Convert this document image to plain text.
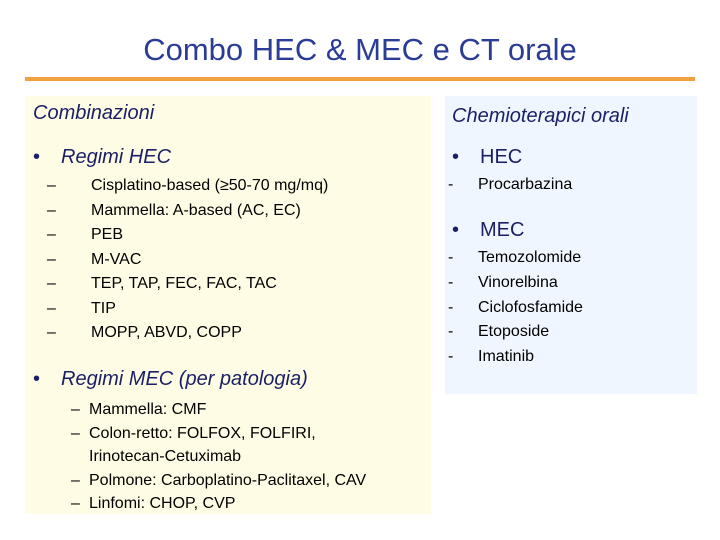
Combo HEC & MEC e CT orale
Combinazioni
• Regimi HEC
– Cisplatino-based (≥50-70 mg/mq)
– Mammella: A-based (AC, EC)
– PEB
– M-VAC
– TEP, TAP, FEC, FAC, TAC
– TIP
– MOPP, ABVD, COPP
• Regimi MEC (per patologia)
– Mammella: CMF
– Colon-retto: FOLFOX, FOLFIRI,
Irinotecan-Cetuximab
– Polmone: Carboplatino-Paclitaxel, CAV
– Linfomi: CHOP, CVP
Chemioterapici orali
• HEC
- Procarbazina
• MEC
- Temozolomide
- Vinorelbina
- Ciclofosfamide
- Etoposide
- Imatinib
